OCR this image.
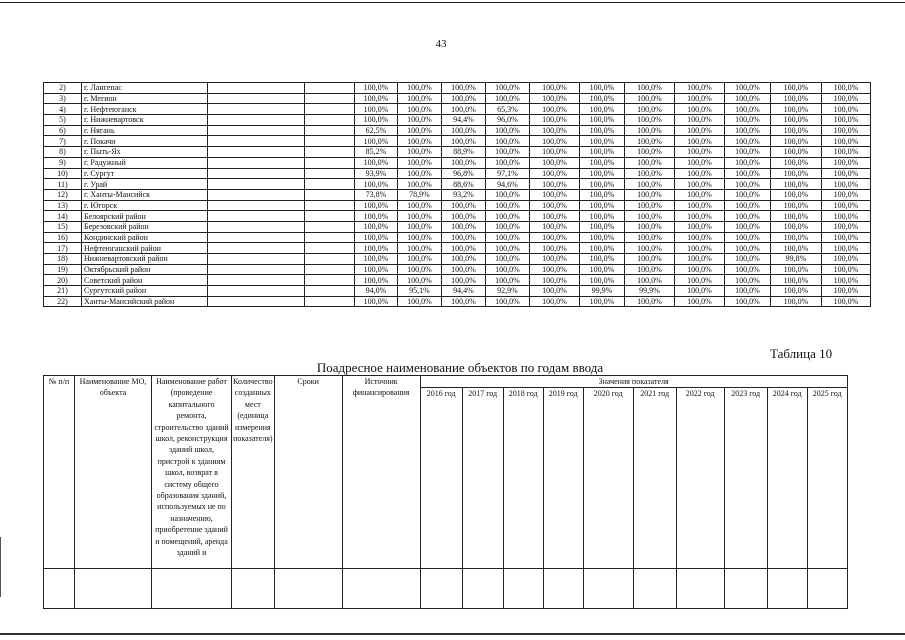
43
2)	г. Лангепас			100,0%	100,0%	100,0%	100,0%	100,0%	100,0%	100,0%	100,0%	100,0%	100,0%	100,0%
3)	г. Мегион			100,0%	100,0%	100,0%	100,0%	100,0%	100,0%	100,0%	100,0%	100,0%	100,0%	100,0%
4)	г. Нефтеюганск			100,0%	100,0%	100,0%	65,3%	100,0%	100,0%	100,0%	100,0%	100,0%	100,0%	100,0%
5)	г. Нижневартовск			100,0%	100,0%	94,4%	96,0%	100,0%	100,0%	100,0%	100,0%	100,0%	100,0%	100,0%
6)	г. Нягань			62,5%	100,0%	100,0%	100,0%	100,0%	100,0%	100,0%	100,0%	100,0%	100,0%	100,0%
7)	г. Покачи			100,0%	100,0%	100,0%	100,0%	100,0%	100,0%	100,0%	100,0%	100,0%	100,0%	100,0%
8)	г. Пыть-Ях			85,2%	100,0%	88,9%	100,0%	100,0%	100,0%	100,0%	100,0%	100,0%	100,0%	100,0%
9)	г. Радужный			100,0%	100,0%	100,0%	100,0%	100,0%	100,0%	100,0%	100,0%	100,0%	100,0%	100,0%
10)	г. Сургут			93,9%	100,0%	96,8%	97,1%	100,0%	100,0%	100,0%	100,0%	100,0%	100,0%	100,0%
11)	г. Урай			100,0%	100,0%	88,6%	94,6%	100,0%	100,0%	100,0%	100,0%	100,0%	100,0%	100,0%
12)	г. Ханты-Мансийск			73,8%	78,9%	93,2%	100,0%	100,0%	100,0%	100,0%	100,0%	100,0%	100,0%	100,0%
13)	г. Югорск			100,0%	100,0%	100,0%	100,0%	100,0%	100,0%	100,0%	100,0%	100,0%	100,0%	100,0%
14)	Белоярский район			100,0%	100,0%	100,0%	100,0%	100,0%	100,0%	100,0%	100,0%	100,0%	100,0%	100,0%
15)	Березовский район			100,0%	100,0%	100,0%	100,0%	100,0%	100,0%	100,0%	100,0%	100,0%	100,0%	100,0%
16)	Кондинский район			100,0%	100,0%	100,0%	100,0%	100,0%	100,0%	100,0%	100,0%	100,0%	100,0%	100,0%
17)	Нефтеюганский район			100,0%	100,0%	100,0%	100,0%	100,0%	100,0%	100,0%	100,0%	100,0%	100,0%	100,0%
18)	Нижневартовский район			100,0%	100,0%	100,0%	100,0%	100,0%	100,0%	100,0%	100,0%	100,0%	99,8%	100,0%
19)	Октябрьский район			100,0%	100,0%	100,0%	100,0%	100,0%	100,0%	100,0%	100,0%	100,0%	100,0%	100,0%
20)	Советский район			100,0%	100,0%	100,0%	100,0%	100,0%	100,0%	100,0%	100,0%	100,0%	100,0%	100,0%
21)	Сургутский район			94,0%	95,1%	94,4%	92,9%	100,0%	99,9%	99,9%	100,0%	100,0%	100,0%	100,0%
22)	Ханты-Мансийский район			100,0%	100,0%	100,0%	100,0%	100,0%	100,0%	100,0%	100,0%	100,0%	100,0%	100,0%
Таблица 10
Поадресное наименование объектов по годам ввода
№ п/п	Наименование МО, объекта	Наименование работ (проведение капитального ремонта, строительство зданий школ, реконструкция зданий школ, пристрой к зданиям школ, возврат в систему общего образования зданий, используемых не по назначению, приобретение зданий и помещений, аренда зданий и	Количество созданных мест (единица измерения показателя)	Сроки	Источник финансирования	Значения показателя									
						2016 год	2017 год	2018 год	2019 год	2020 год	2021 год	2022 год	2023 год	2024 год	2025 год
